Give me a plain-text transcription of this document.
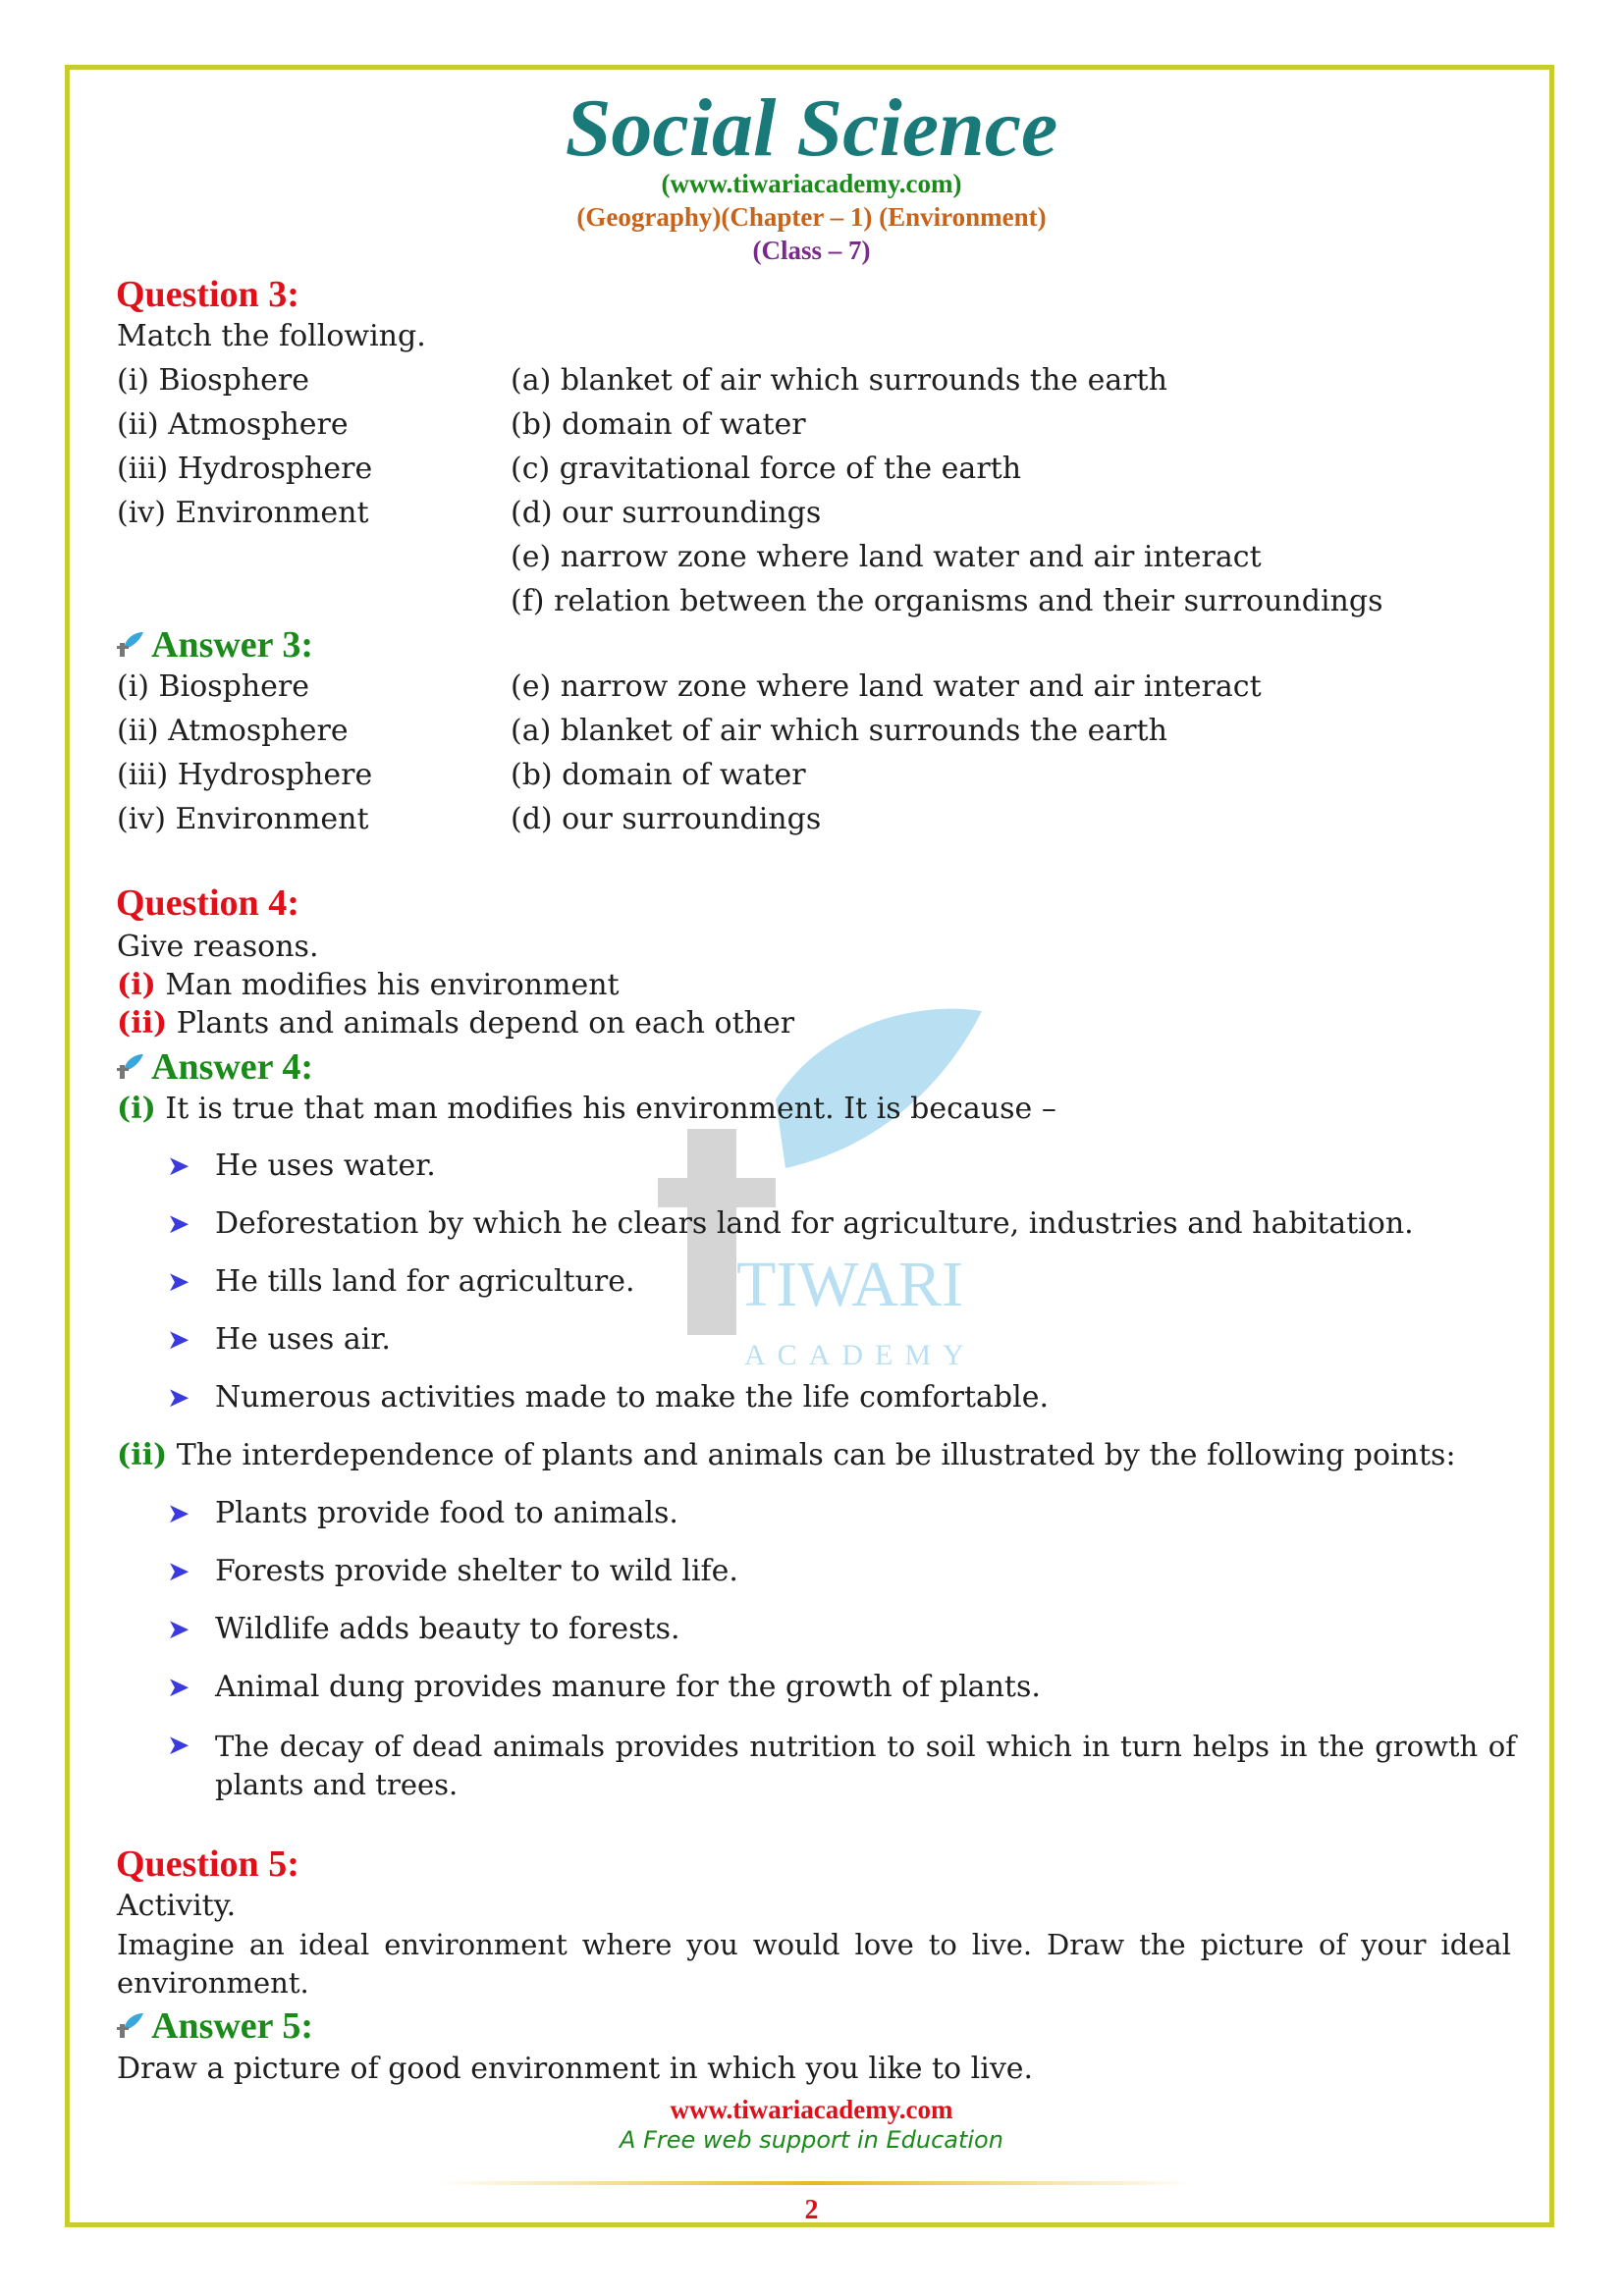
TIWARI
ACADEMY
Social Science
(www.tiwariacademy.com)
(Geography)(Chapter – 1) (Environment)
(Class – 7)
Question 3:
Match the following.
(i) Biosphere
(ii) Atmosphere
(iii) Hydrosphere
(iv) Environment
(a) blanket of air which surrounds the earth
(b) domain of water
(c) gravitational force of the earth
(d) our surroundings
(e) narrow zone where land water and air interact
(f) relation between the organisms and their surroundings
Answer 3:
(i) Biosphere
(ii) Atmosphere
(iii) Hydrosphere
(iv) Environment
(e) narrow zone where land water and air interact
(a) blanket of air which surrounds the earth
(b) domain of water
(d) our surroundings
Question 4:
Give reasons.
(i) Man modifies his environment
(ii) Plants and animals depend on each other
Answer 4:
(i) It is true that man modifies his environment. It is because –
➤ He uses water.
➤ Deforestation by which he clears land for agriculture, industries and habitation.
➤ He tills land for agriculture.
➤ He uses air.
➤ Numerous activities made to make the life comfortable.
(ii) The interdependence of plants and animals can be illustrated by the following points:
➤ Plants provide food to animals.
➤ Forests provide shelter to wild life.
➤ Wildlife adds beauty to forests.
➤ Animal dung provides manure for the growth of plants.
➤ The decay of dead animals provides nutrition to soil which in turn helps in the growth of plants and trees.
Question 5:
Activity.
Imagine an ideal environment where you would love to live. Draw the picture of your ideal environment.
Answer 5:
Draw a picture of good environment in which you like to live.
www.tiwariacademy.com
A Free web support in Education
2
